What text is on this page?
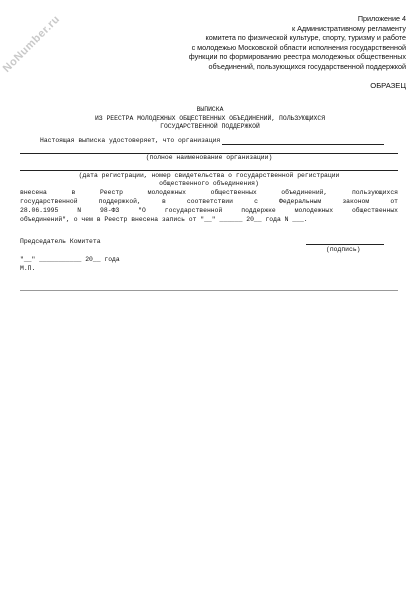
NoNumber.ru	Приложение 4
к Административному регламенту
комитета по физической культуре, спорту, туризму и работе
с молодежью Московской области исполнения государственной
функции по формированию реестра молодежных общественных
объединений, пользующихся государственной поддержкой
ОБРАЗЕЦ
ВЫПИСКА
ИЗ РЕЕСТРА МОЛОДЕЖНЫХ ОБЩЕСТВЕННЫХ ОБЪЕДИНЕНИЙ, ПОЛЬЗУЮЩИХСЯ
ГОСУДАРСТВЕННОЙ ПОДДЕРЖКОЙ
Настоящая выписка удостоверяет, что организация
(полное наименование организации)
(дата регистрации, номер свидетельства о государственной регистрации
общественного объединения)
внесена в Реестр молодежных общественных объединений, пользующихся
государственной поддержкой, в соответствии с Федеральным законом от
28.06.1995 N 98-ФЗ "О государственной поддержке молодежных общественных
объединений", о чем в Реестр внесена запись от "__" ______ 20__ года N ___.
Председатель Комитета
(подпись)
"__" ___________ 20__ года
М.П.
